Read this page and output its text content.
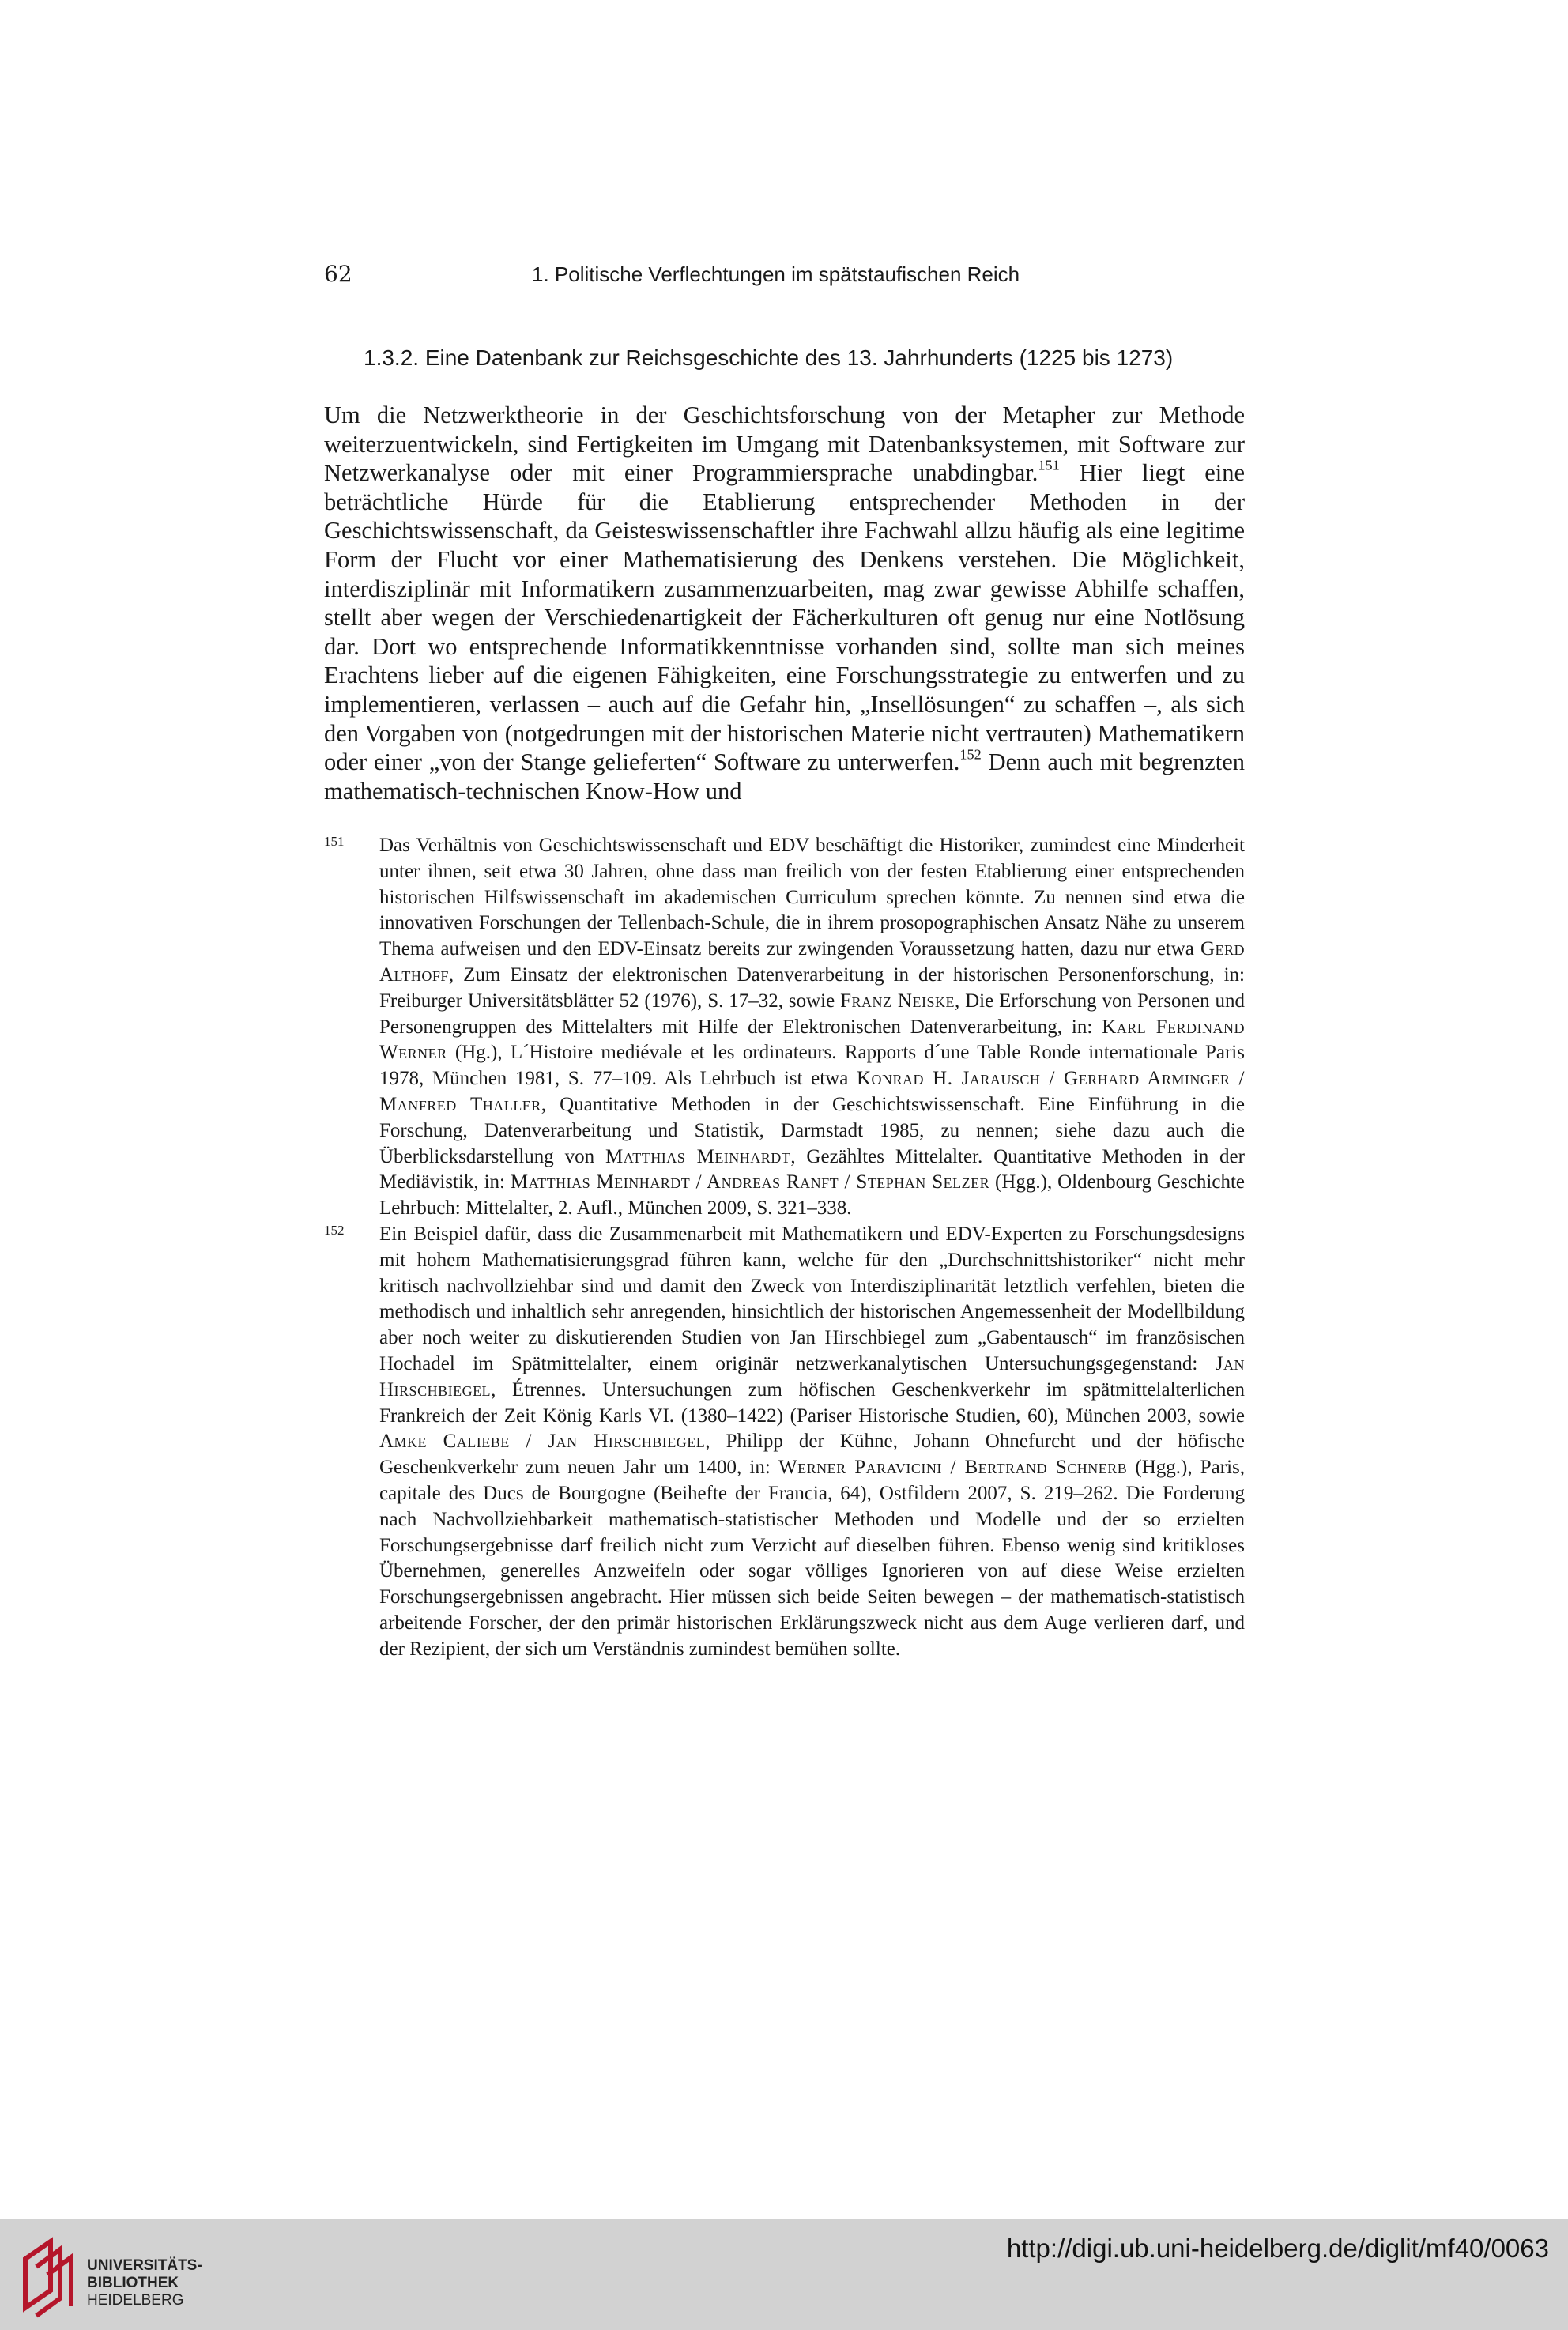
62	1. Politische Verflechtungen im spätstaufischen Reich
1.3.2. Eine Datenbank zur Reichsgeschichte des 13. Jahrhunderts (1225 bis 1273)

Um die Netzwerktheorie in der Geschichtsforschung von der Metapher zur Methode weiterzuentwickeln, sind Fertigkeiten im Umgang mit Datenbanksystemen, mit Software zur Netzwerkanalyse oder mit einer Programmiersprache unabdingbar.$^{151}$ Hier liegt eine beträchtliche Hürde für die Etablierung entsprechender Methoden in der Geschichtswissenschaft, da Geisteswissenschaftler ihre Fachwahl allzu häufig als eine legitime Form der Flucht vor einer Mathematisierung des Denkens verstehen. Die Möglichkeit, interdisziplinär mit Informatikern zusammenzuarbeiten, mag zwar gewisse Abhilfe schaffen, stellt aber wegen der Verschiedenartigkeit der Fächerkulturen oft genug nur eine Notlösung dar. Dort wo entsprechende Informatikkenntnisse vorhanden sind, sollte man sich meines Erachtens lieber auf die eigenen Fähigkeiten, eine Forschungsstrategie zu entwerfen und zu implementieren, verlassen – auch auf die Gefahr hin, „Insellösungen“ zu schaffen –, als sich den Vorgaben von (notgedrungen mit der historischen Materie nicht vertrauten) Mathematikern oder einer „von der Stange gelieferten“ Software zu unterwerfen.$^{152}$ Denn auch mit begrenzten mathematisch-technischen Know-How und

151	Das Verhältnis von Geschichtswissenschaft und EDV beschäftigt die Historiker, zumindest eine Minderheit unter ihnen, seit etwa 30 Jahren, ohne dass man freilich von der festen Etablierung einer entsprechenden historischen Hilfswissenschaft im akademischen Curriculum sprechen könnte. Zu nennen sind etwa die innovativen Forschungen der Tellenbach-Schule, die in ihrem prosopographischen Ansatz Nähe zu unserem Thema aufweisen und den EDV-Einsatz bereits zur zwingenden Voraussetzung hatten, dazu nur etwa Gerd Althoff, Zum Einsatz der elektronischen Datenverarbeitung in der historischen Personenforschung, in: Freiburger Universitätsblätter 52 (1976), S. 17–32, sowie Franz Neiske, Die Erforschung von Personen und Personengruppen des Mittelalters mit Hilfe der Elektronischen Datenverarbeitung, in: Karl Ferdinand Werner (Hg.), L´Histoire mediévale et les ordinateurs. Rapports d´une Table Ronde internationale Paris 1978, München 1981, S. 77–109. Als Lehrbuch ist etwa Konrad H. Jarausch / Gerhard Arminger / Manfred Thaller, Quantitative Methoden in der Geschichtswissenschaft. Eine Einführung in die Forschung, Datenverarbeitung und Statistik, Darmstadt 1985, zu nennen; siehe dazu auch die Überblicksdarstellung von Matthias Meinhardt, Gezähltes Mittelalter. Quantitative Methoden in der Mediävistik, in: Matthias Meinhardt / Andreas Ranft / Stephan Selzer (Hgg.), Oldenbourg Geschichte Lehrbuch: Mittelalter, 2. Aufl., München 2009, S. 321–338.

152	Ein Beispiel dafür, dass die Zusammenarbeit mit Mathematikern und EDV-Experten zu Forschungsdesigns mit hohem Mathematisierungsgrad führen kann, welche für den „Durchschnittshistoriker“ nicht mehr kritisch nachvollziehbar sind und damit den Zweck von Interdisziplinarität letztlich verfehlen, bieten die methodisch und inhaltlich sehr anregenden, hinsichtlich der historischen Angemessenheit der Modellbildung aber noch weiter zu diskutierenden Studien von Jan Hirschbiegel zum „Gabentausch“ im französischen Hochadel im Spätmittelalter, einem originär netzwerkanalytischen Untersuchungsgegenstand: Jan Hirschbiegel, Étrennes. Untersuchungen zum höfischen Geschenkverkehr im spätmittelalterlichen Frankreich der Zeit König Karls VI. (1380–1422) (Pariser Historische Studien, 60), München 2003, sowie Amke Caliebe / Jan Hirschbiegel, Philipp der Kühne, Johann Ohnefurcht und der höfische Geschenkverkehr zum neuen Jahr um 1400, in: Werner Paravicini / Bertrand Schnerb (Hgg.), Paris, capitale des Ducs de Bourgogne (Beihefte der Francia, 64), Ostfildern 2007, S. 219–262. Die Forderung nach Nachvollziehbarkeit mathematisch-statistischer Methoden und Modelle und der so erzielten Forschungsergebnisse darf freilich nicht zum Verzicht auf dieselben führen. Ebenso wenig sind kritikloses Übernehmen, generelles Anzweifeln oder sogar völliges Ignorieren von auf diese Weise erzielten Forschungsergebnissen angebracht. Hier müssen sich beide Seiten bewegen – der mathematisch-statistisch arbeitende Forscher, der den primär historischen Erklärungszweck nicht aus dem Auge verlieren darf, und der Rezipient, der sich um Verständnis zumindest bemühen sollte.

UNIVERSITÄTS-
BIBLIOTHEK
HEIDELBERG
http://digi.ub.uni-heidelberg.de/diglit/mf40/0063
